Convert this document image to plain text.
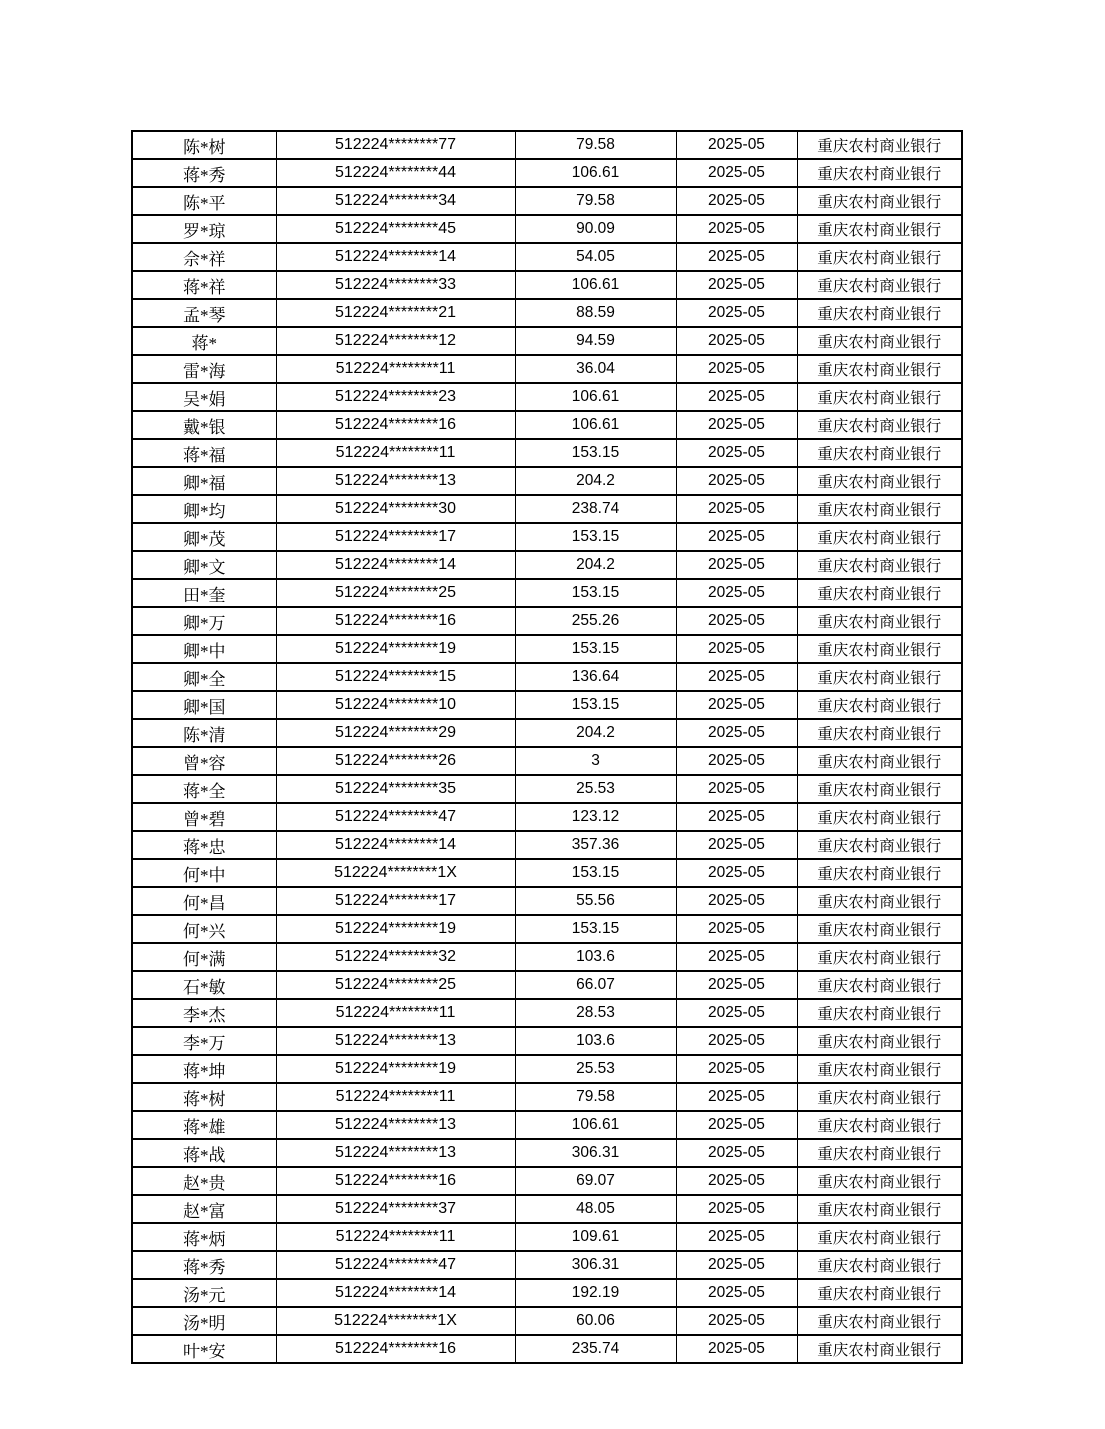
陈*树	512224********77	79.58	2025-05	重庆农村商业银行
蒋*秀	512224********44	106.61	2025-05	重庆农村商业银行
陈*平	512224********34	79.58	2025-05	重庆农村商业银行
罗*琼	512224********45	90.09	2025-05	重庆农村商业银行
佘*祥	512224********14	54.05	2025-05	重庆农村商业银行
蒋*祥	512224********33	106.61	2025-05	重庆农村商业银行
孟*琴	512224********21	88.59	2025-05	重庆农村商业银行
蒋*	512224********12	94.59	2025-05	重庆农村商业银行
雷*海	512224********11	36.04	2025-05	重庆农村商业银行
吴*娟	512224********23	106.61	2025-05	重庆农村商业银行
戴*银	512224********16	106.61	2025-05	重庆农村商业银行
蒋*福	512224********11	153.15	2025-05	重庆农村商业银行
卿*福	512224********13	204.2	2025-05	重庆农村商业银行
卿*均	512224********30	238.74	2025-05	重庆农村商业银行
卿*茂	512224********17	153.15	2025-05	重庆农村商业银行
卿*文	512224********14	204.2	2025-05	重庆农村商业银行
田*奎	512224********25	153.15	2025-05	重庆农村商业银行
卿*万	512224********16	255.26	2025-05	重庆农村商业银行
卿*中	512224********19	153.15	2025-05	重庆农村商业银行
卿*全	512224********15	136.64	2025-05	重庆农村商业银行
卿*国	512224********10	153.15	2025-05	重庆农村商业银行
陈*清	512224********29	204.2	2025-05	重庆农村商业银行
曾*容	512224********26	3	2025-05	重庆农村商业银行
蒋*全	512224********35	25.53	2025-05	重庆农村商业银行
曾*碧	512224********47	123.12	2025-05	重庆农村商业银行
蒋*忠	512224********14	357.36	2025-05	重庆农村商业银行
何*中	512224********1X	153.15	2025-05	重庆农村商业银行
何*昌	512224********17	55.56	2025-05	重庆农村商业银行
何*兴	512224********19	153.15	2025-05	重庆农村商业银行
何*满	512224********32	103.6	2025-05	重庆农村商业银行
石*敏	512224********25	66.07	2025-05	重庆农村商业银行
李*杰	512224********11	28.53	2025-05	重庆农村商业银行
李*万	512224********13	103.6	2025-05	重庆农村商业银行
蒋*坤	512224********19	25.53	2025-05	重庆农村商业银行
蒋*树	512224********11	79.58	2025-05	重庆农村商业银行
蒋*雄	512224********13	106.61	2025-05	重庆农村商业银行
蒋*战	512224********13	306.31	2025-05	重庆农村商业银行
赵*贵	512224********16	69.07	2025-05	重庆农村商业银行
赵*富	512224********37	48.05	2025-05	重庆农村商业银行
蒋*炳	512224********11	109.61	2025-05	重庆农村商业银行
蒋*秀	512224********47	306.31	2025-05	重庆农村商业银行
汤*元	512224********14	192.19	2025-05	重庆农村商业银行
汤*明	512224********1X	60.06	2025-05	重庆农村商业银行
叶*安	512224********16	235.74	2025-05	重庆农村商业银行
